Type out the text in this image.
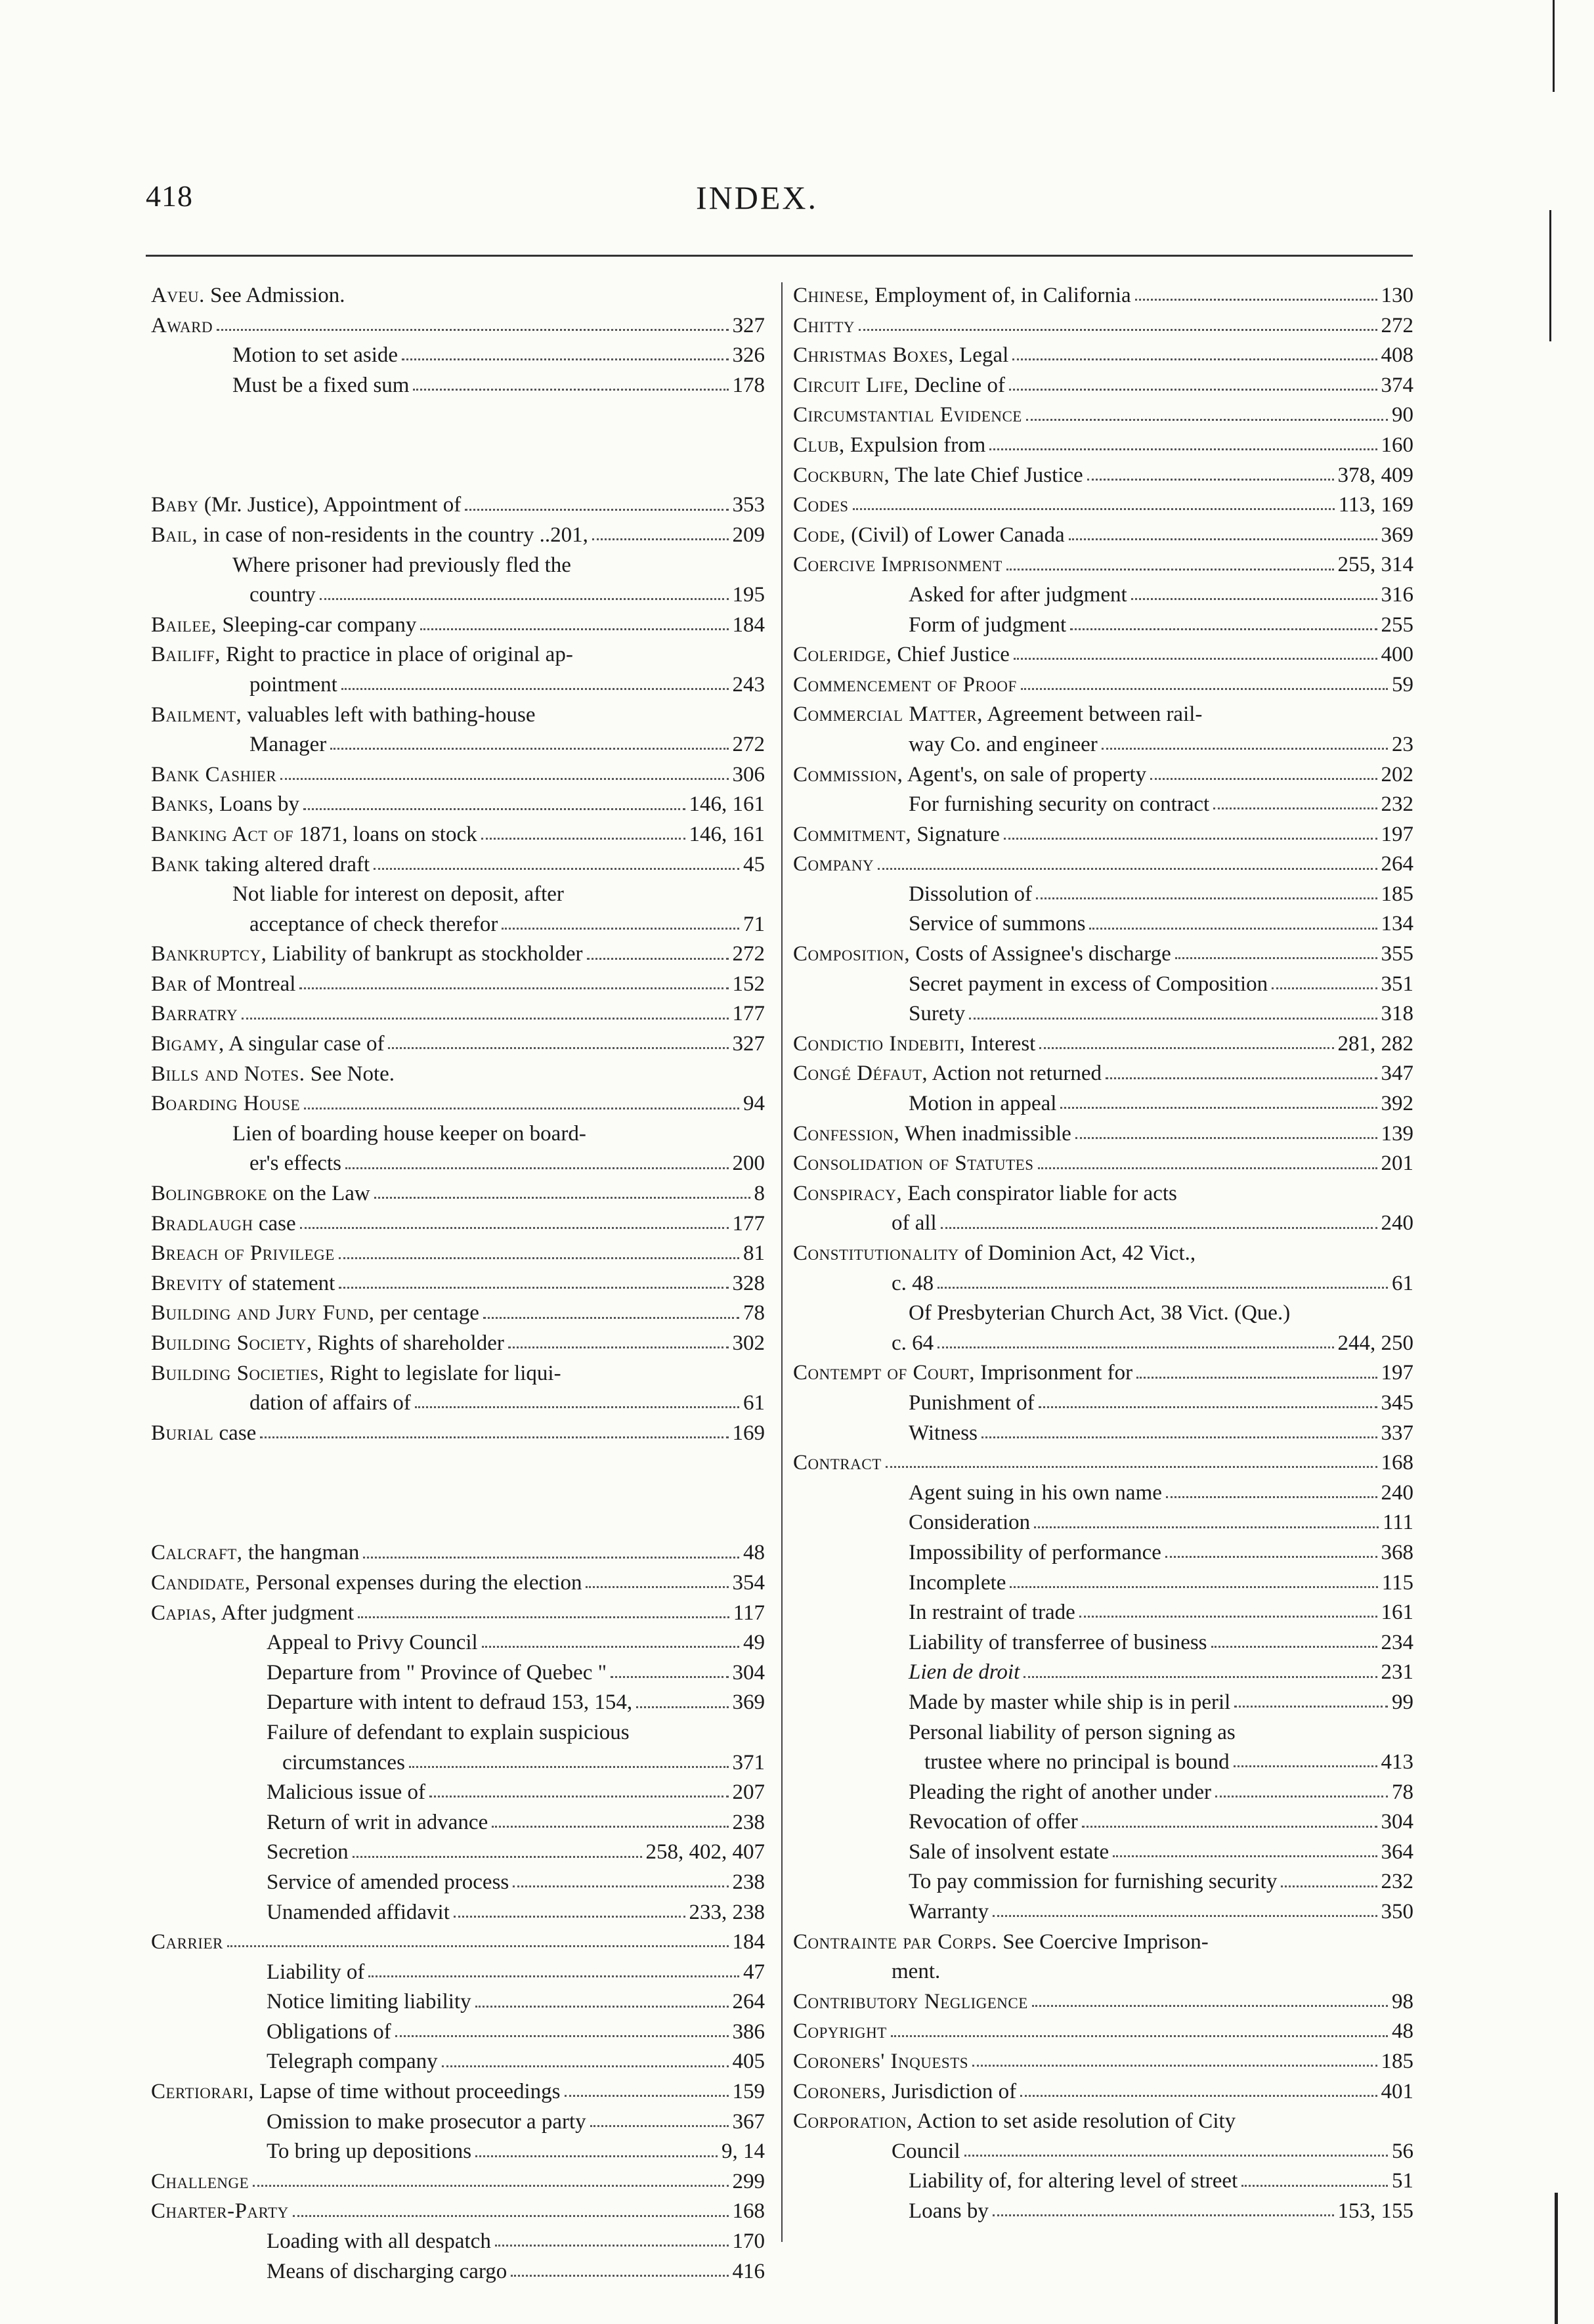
418	INDEX.
Aveu. See Admission.
Award	327
Motion to set aside	326
Must be a fixed sum	178
Baby (Mr. Justice), Appointment of	353
Bail, in case of non-residents in the country ..201,	209
Where prisoner had previously fled the
country	195
Bailee, Sleeping-car company	184
Bailiff, Right to practice in place of original ap-
pointment	243
Bailment, valuables left with bathing-house
Manager	272
Bank Cashier	306
Banks, Loans by	146, 161
Banking Act of 1871, loans on stock	146, 161
Bank taking altered draft	45
Not liable for interest on deposit, after
acceptance of check therefor	71
Bankruptcy, Liability of bankrupt as stockholder	272
Bar of Montreal	152
Barratry	177
Bigamy, A singular case of	327
Bills and Notes. See Note.
Boarding House	94
Lien of boarding house keeper on board-
er's effects	200
Bolingbroke on the Law	8
Bradlaugh case	177
Breach of Privilege	81
Brevity of statement	328
Building and Jury Fund, per centage	78
Building Society, Rights of shareholder	302
Building Societies, Right to legislate for liqui-
dation of affairs of	61
Burial case	169
Calcraft, the hangman	48
Candidate, Personal expenses during the election	354
Capias, After judgment	117
Appeal to Privy Council	49
Departure from " Province of Quebec "	304
Departure with intent to defraud 153, 154,	369
Failure of defendant to explain suspicious
circumstances	371
Malicious issue of	207
Return of writ in advance	238
Secretion	258, 402, 407
Service of amended process	238
Unamended affidavit	233, 238
Carrier	184
Liability of	47
Notice limiting liability	264
Obligations of	386
Telegraph company	405
Certiorari, Lapse of time without proceedings	159
Omission to make prosecutor a party	367
To bring up depositions	9, 14
Challenge	299
Charter-Party	168
Loading with all despatch	170
Means of discharging cargo	416
Chinese, Employment of, in California	130
Chitty	272
Christmas Boxes, Legal	408
Circuit Life, Decline of	374
Circumstantial Evidence	90
Club, Expulsion from	160
Cockburn, The late Chief Justice	378, 409
Codes	113, 169
Code, (Civil) of Lower Canada	369
Coercive Imprisonment	255, 314
Asked for after judgment	316
Form of judgment	255
Coleridge, Chief Justice	400
Commencement of Proof	59
Commercial Matter, Agreement between rail-
way Co. and engineer	23
Commission, Agent's, on sale of property	202
For furnishing security on contract	232
Commitment, Signature	197
Company	264
Dissolution of	185
Service of summons	134
Composition, Costs of Assignee's discharge	355
Secret payment in excess of Composition	351
Surety	318
Condictio Indebiti, Interest	281, 282
Congé Défaut, Action not returned	347
Motion in appeal	392
Confession, When inadmissible	139
Consolidation of Statutes	201
Conspiracy, Each conspirator liable for acts
of all	240
Constitutionality of Dominion Act, 42 Vict.,
c. 48	61
Of Presbyterian Church Act, 38 Vict. (Que.)
c. 64	244, 250
Contempt of Court, Imprisonment for	197
Punishment of	345
Witness	337
Contract	168
Agent suing in his own name	240
Consideration	111
Impossibility of performance	368
Incomplete	115
In restraint of trade	161
Liability of transferree of business	234
Lien de droit	231
Made by master while ship is in peril	99
Personal liability of person signing as
trustee where no principal is bound	413
Pleading the right of another under	78
Revocation of offer	304
Sale of insolvent estate	364
To pay commission for furnishing security	232
Warranty	350
Contrainte par Corps. See Coercive Imprison-
ment.
Contributory Negligence	98
Copyright	48
Coroners' Inquests	185
Coroners, Jurisdiction of	401
Corporation, Action to set aside resolution of City
Council	56
Liability of, for altering level of street	51
Loans by	153, 155
